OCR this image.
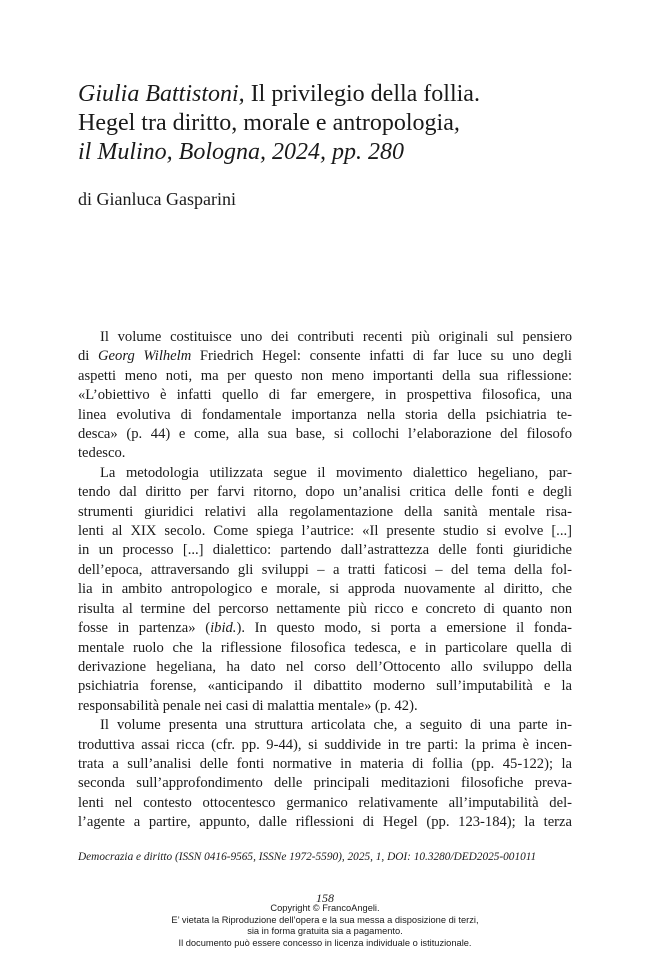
Giulia Battistoni, Il privilegio della follia.
Hegel tra diritto, morale e antropologia,
il Mulino, Bologna, 2024, pp. 280
di Gianluca Gasparini
Il volume costituisce uno dei contributi recenti più originali sul pensiero
di Georg Wilhelm Friedrich Hegel: consente infatti di far luce su uno degli
aspetti meno noti, ma per questo non meno importanti della sua riflessione:
«L’obiettivo è infatti quello di far emergere, in prospettiva filosofica, una
linea evolutiva di fondamentale importanza nella storia della psichiatria te-
desca» (p. 44) e come, alla sua base, si collochi l’elaborazione del filosofo
tedesco.
La metodologia utilizzata segue il movimento dialettico hegeliano, par-
tendo dal diritto per farvi ritorno, dopo un’analisi critica delle fonti e degli
strumenti giuridici relativi alla regolamentazione della sanità mentale risa-
lenti al XIX secolo. Come spiega l’autrice: «Il presente studio si evolve [...]
in un processo [...] dialettico: partendo dall’astrattezza delle fonti giuridiche
dell’epoca, attraversando gli sviluppi – a tratti faticosi – del tema della fol-
lia in ambito antropologico e morale, si approda nuovamente al diritto, che
risulta al termine del percorso nettamente più ricco e concreto di quanto non
fosse in partenza» (ibid.). In questo modo, si porta a emersione il fonda-
mentale ruolo che la riflessione filosofica tedesca, e in particolare quella di
derivazione hegeliana, ha dato nel corso dell’Ottocento allo sviluppo della
psichiatria forense, «anticipando il dibattito moderno sull’imputabilità e la
responsabilità penale nei casi di malattia mentale» (p. 42).
Il volume presenta una struttura articolata che, a seguito di una parte in-
troduttiva assai ricca (cfr. pp. 9-44), si suddivide in tre parti: la prima è incen-
trata a sull’analisi delle fonti normative in materia di follia (pp. 45-122); la
seconda sull’approfondimento delle principali meditazioni filosofiche preva-
lenti nel contesto ottocentesco germanico relativamente all’imputabilità del-
l’agente a partire, appunto, dalle riflessioni di Hegel (pp. 123-184); la terza
Democrazia e diritto (ISSN 0416-9565, ISSNe 1972-5590), 2025, 1, DOI: 10.3280/DED2025-001011
158
Copyright © FrancoAngeli.
E’ vietata la Riproduzione dell’opera e la sua messa a disposizione di terzi,
sia in forma gratuita sia a pagamento.
Il documento può essere concesso in licenza individuale o istituzionale.
